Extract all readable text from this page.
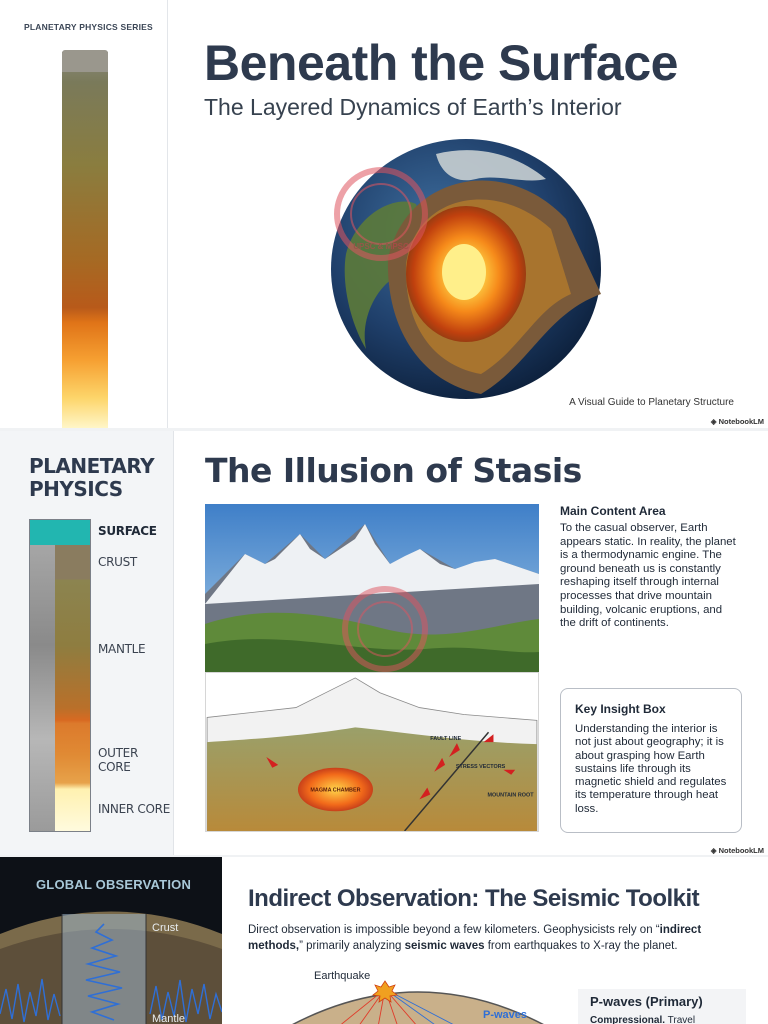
PLANETARY PHYSICS SERIES
Beneath the Surface
The Layered Dynamics of Earth’s Interior
UPSC & MPSC
A Visual Guide to Planetary Structure
◈ NotebookLM
PLANETARY
PHYSICS
SURFACE
CRUST
MANTLE
OUTER CORE
INNER CORE
The Illusion of Stasis
FAULT LINE
STRESS VECTORS
MAGMA CHAMBER
MOUNTAIN ROOT
Main Content Area
To the casual observer, Earth appears static. In reality, the planet is a thermodynamic engine. The ground beneath us is constantly reshaping itself through internal processes that drive mountain building, volcanic eruptions, and the drift of continents.
Key Insight Box
Understanding the interior is not just about geography; it is about grasping how Earth sustains life through its magnetic shield and regulates its temperature through heat loss.
◈ NotebookLM
GLOBAL OBSERVATION
Crust
Mantle
Indirect Observation: The Seismic Toolkit
Direct observation is impossible beyond a few kilometers. Geophysicists rely on “indirect methods,” primarily analyzing seismic waves from earthquakes to X-ray the planet.
Earthquake
P-waves
P-waves (Primary)
Compressional. Travel
